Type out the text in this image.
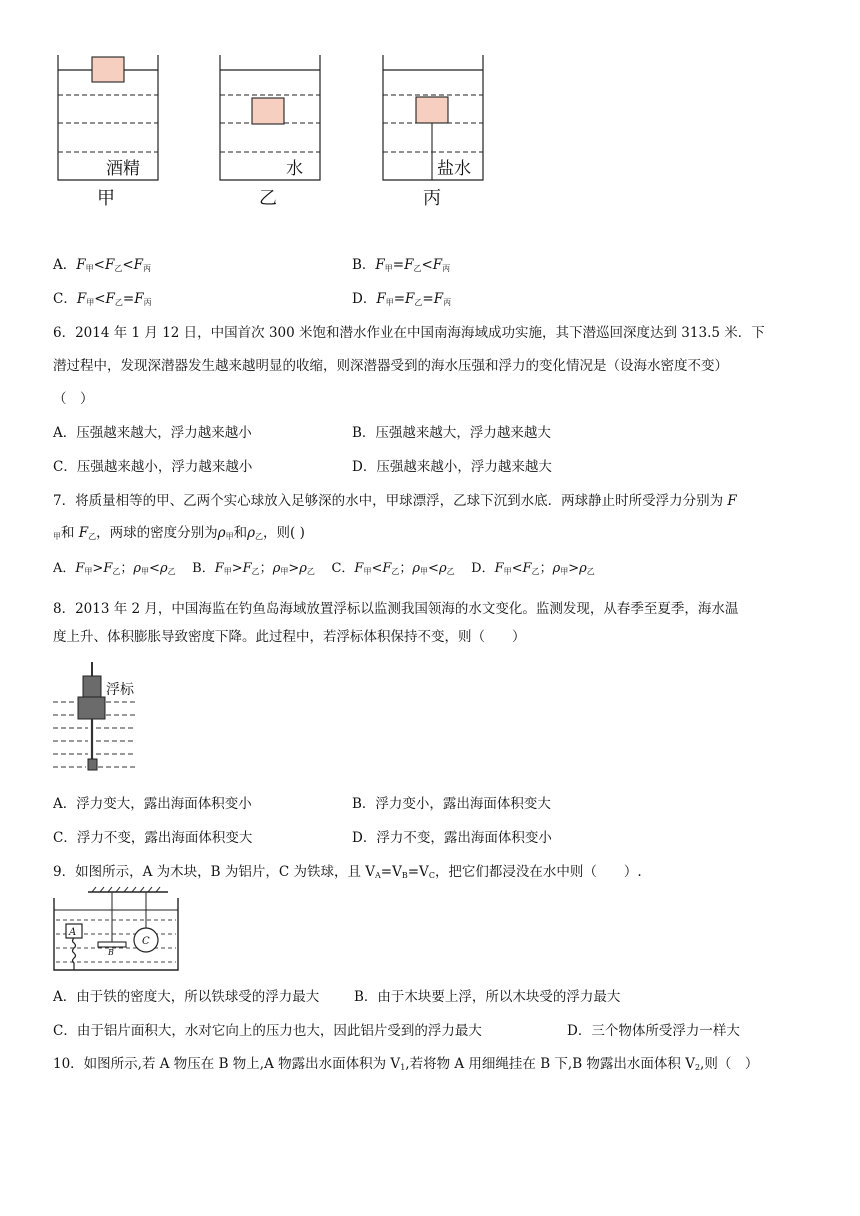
酒精	水	盐水
甲	乙	丙
A．$F_甲<F_乙<F_丙$	B．$F_甲=F_乙<F_丙$
C．$F_甲<F_乙=F_丙$	D．$F_甲=F_乙=F_丙$
6．2014 年 1 月 12 日，中国首次 300 米饱和潜水作业在中国南海海域成功实施，其下潜巡回深度达到 313.5 米．下
潜过程中，发现深潜器发生越来越明显的收缩，则深潜器受到的海水压强和浮力的变化情况是（设海水密度不变）
（　）
A．压强越来越大，浮力越来越小	B．压强越来越大，浮力越来越大
C．压强越来越小，浮力越来越小	D．压强越来越小，浮力越来越大
7．将质量相等的甲、乙两个实心球放入足够深的水中，甲球漂浮，乙球下沉到水底．两球静止时所受浮力分别为 F
$_甲$和 $F_乙$，两球的密度分别为$\rho_甲$和$\rho_乙$，则( )
A．$F_甲>F_乙$；$\rho_甲<\rho_乙$ B．$F_甲>F_乙$；$\rho_甲>\rho_乙$ C．$F_甲<F_乙$；$\rho_甲<\rho_乙$ D．$F_甲<F_乙$；$\rho_甲>\rho_乙$
8．2013 年 2 月，中国海监在钓鱼岛海域放置浮标以监测我国领海的水文变化。监测发现，从春季至夏季，海水温
度上升、体积膨胀导致密度下降。此过程中，若浮标体积保持不变，则（　　）
浮标
A．浮力变大，露出海面体积变小	B．浮力变小，露出海面体积变大
C．浮力不变，露出海面体积变大	D．浮力不变，露出海面体积变小
9．如图所示，A 为木块，B 为铝片，C 为铁球，且 $V_A=V_B=V_C$，把它们都浸没在水中则（　　）.
A
B
C
A．由于铁的密度大，所以铁球受的浮力最大	B．由于木块要上浮，所以木块受的浮力最大
C．由于铝片面积大，水对它向上的压力也大，因此铝片受到的浮力最大	D．三个物体所受浮力一样大
10．如图所示,若 A 物压在 B 物上,A 物露出水面体积为 $V_1$,若将物 A 用细绳挂在 B 下,B 物露出水面体积 $V_2$,则（　）
